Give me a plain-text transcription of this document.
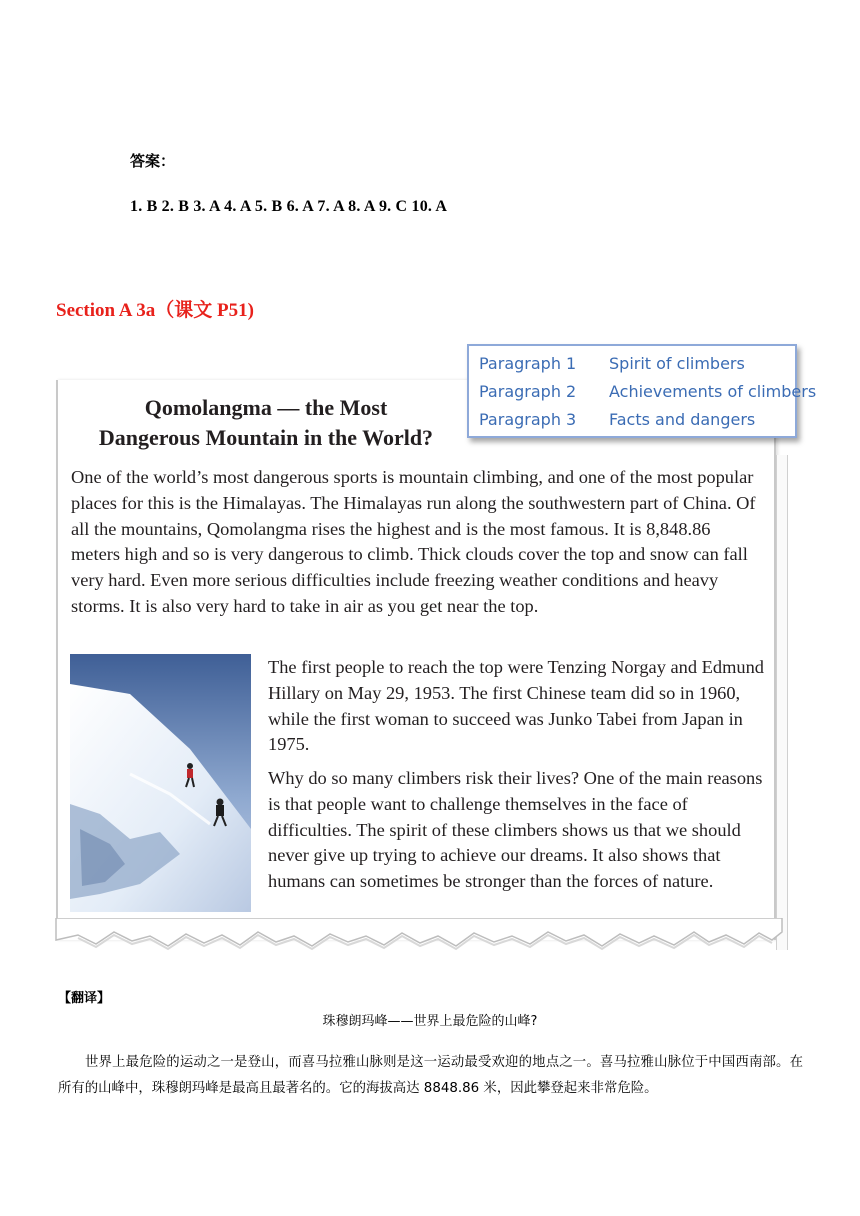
答案：
1. B 2. B 3. A 4. A 5. B 6. A 7. A 8. A 9. C 10. A
Section A 3a（课文 P51)
Qomolangma — the Most
Dangerous Mountain in the World?

One of the world’s most dangerous sports is mountain climbing, and one of the most popular places for this is the Himalayas. The Himalayas run along the southwestern part of China. Of all the mountains, Qomolangma rises the highest and is the most famous. It is 8,848.86 meters high and so is very dangerous to climb. Thick clouds cover the top and snow can fall very hard. Even more serious difficulties include freezing weather conditions and heavy storms. It is also very hard to take in air as you get near the top.

The first people to reach the top were Tenzing Norgay and Edmund Hillary on May 29, 1953. The first Chinese team did so in 1960, while the first woman to succeed was Junko Tabei from Japan in 1975.

Why do so many climbers risk their lives? One of the main reasons is that people want to challenge themselves in the face of difficulties. The spirit of these climbers shows us that we should never give up trying to achieve our dreams. It also shows that humans can sometimes be stronger than the forces of nature.

Paragraph 1	Spirit of climbers
Paragraph 2	Achievements of climbers
Paragraph 3	Facts and dangers
【翻译】
珠穆朗玛峰——世界上最危险的山峰?

世界上最危险的运动之一是登山，而喜马拉雅山脉则是这一运动最受欢迎的地点之一。喜马拉雅山脉位于中国西南部。在所有的山峰中，珠穆朗玛峰是最高且最著名的。它的海拔高达 8848.86 米，因此攀登起来非常危险。
